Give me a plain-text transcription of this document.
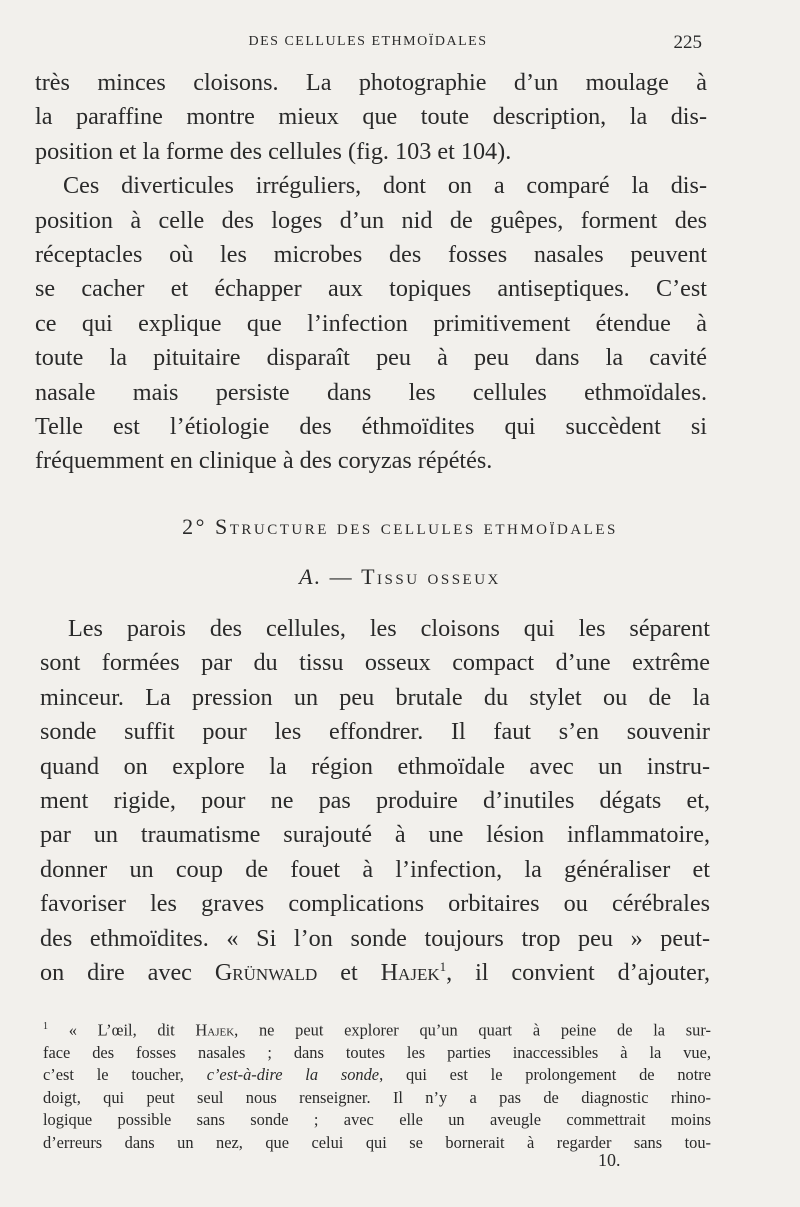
DES CELLULES ETHMOÏDALES	225
très minces cloisons. La photographie d’un moulage à
la paraffine montre mieux que toute description, la dis-
position et la forme des cellules (fig. 103 et 104).
Ces diverticules irréguliers, dont on a comparé la dis-
position à celle des loges d’un nid de guêpes, forment des
réceptacles où les microbes des fosses nasales peuvent
se cacher et échapper aux topiques antiseptiques. C’est
ce qui explique que l’infection primitivement étendue à
toute la pituitaire disparaît peu à peu dans la cavité
nasale mais persiste dans les cellules ethmoïdales.
Telle est l’étiologie des éthmoïdites qui succèdent si
fréquemment en clinique à des coryzas répétés.
2° Structure des cellules ethmoïdales
A. — Tissu osseux
Les parois des cellules, les cloisons qui les séparent
sont formées par du tissu osseux compact d’une extrême
minceur. La pression un peu brutale du stylet ou de la
sonde suffit pour les effondrer. Il faut s’en souvenir
quand on explore la région ethmoïdale avec un instru-
ment rigide, pour ne pas produire d’inutiles dégats et,
par un traumatisme surajouté à une lésion inflammatoire,
donner un coup de fouet à l’infection, la généraliser et
favoriser les graves complications orbitaires ou cérébrales
des ethmoïdites. « Si l’on sonde toujours trop peu » peut-
on dire avec Grünwald et Hajek$^1$, il convient d’ajouter,
$^1$ « L’œil, dit Hajek, ne peut explorer qu’un quart à peine de la sur-
face des fosses nasales ; dans toutes les parties inaccessibles à la vue,
c’est le toucher, c’est-à-dire la sonde, qui est le prolongement de notre
doigt, qui peut seul nous renseigner. Il n’y a pas de diagnostic rhino-
logique possible sans sonde ; avec elle un aveugle commettrait moins
d’erreurs dans un nez, que celui qui se bornerait à regarder sans tou-
10.
